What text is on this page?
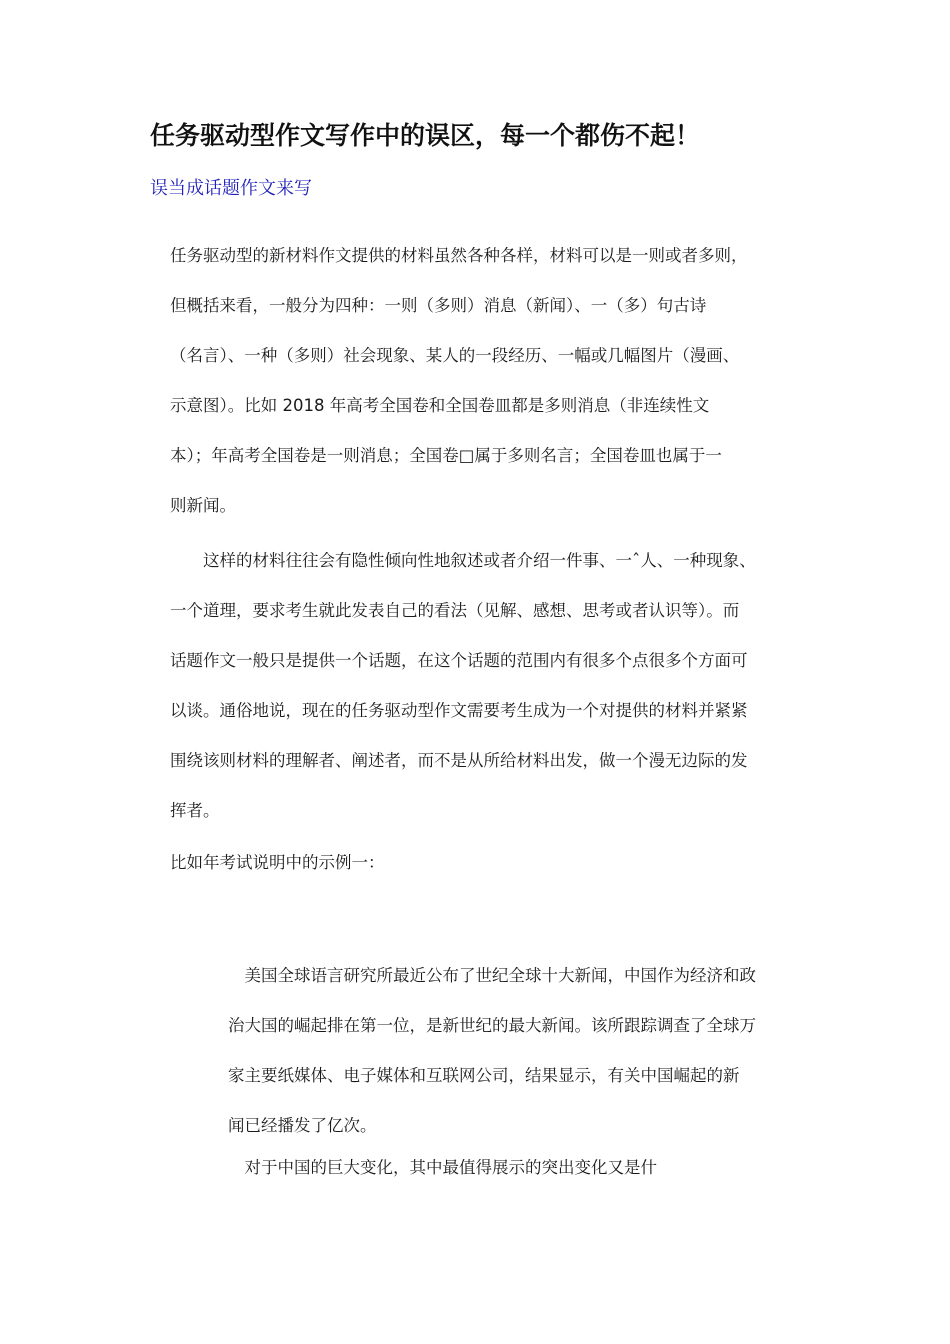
任务驱动型作文写作中的误区，每一个都伤不起！

误当成话题作文来写

任务驱动型的新材料作文提供的材料虽然各种各样，材料可以是一则或者多则，

但概括来看，一般分为四种：一则（多则）消息（新闻）、一（多）句古诗

（名言）、一种（多则）社会现象、某人的一段经历、一幅或几幅图片（漫画、

示意图）。比如 2018 年高考全国卷和全国卷皿都是多则消息（非连续性文

本）；年高考全国卷是一则消息；全国卷□属于多则名言；全国卷皿也属于一

则新闻。

　　这样的材料往往会有隐性倾向性地叙述或者介绍一件事、一ˆ人、一种现象、

一个道理，要求考生就此发表自己的看法（见解、感想、思考或者认识等）。而

话题作文一般只是提供一个话题，在这个话题的范围内有很多个点很多个方面可

以谈。通俗地说，现在的任务驱动型作文需要考生成为一个对提供的材料并紧紧

围绕该则材料的理解者、阐述者，而不是从所给材料出发，做一个漫无边际的发

挥者。

比如年考试说明中的示例一：

　美国全球语言研究所最近公布了世纪全球十大新闻，中国作为经济和政

治大国的崛起排在第一位，是新世纪的最大新闻。该所跟踪调查了全球万

家主要纸媒体、电子媒体和互联网公司，结果显示，有关中国崛起的新

闻已经播发了亿次。

　对于中国的巨大变化，其中最值得展示的突出变化又是什
